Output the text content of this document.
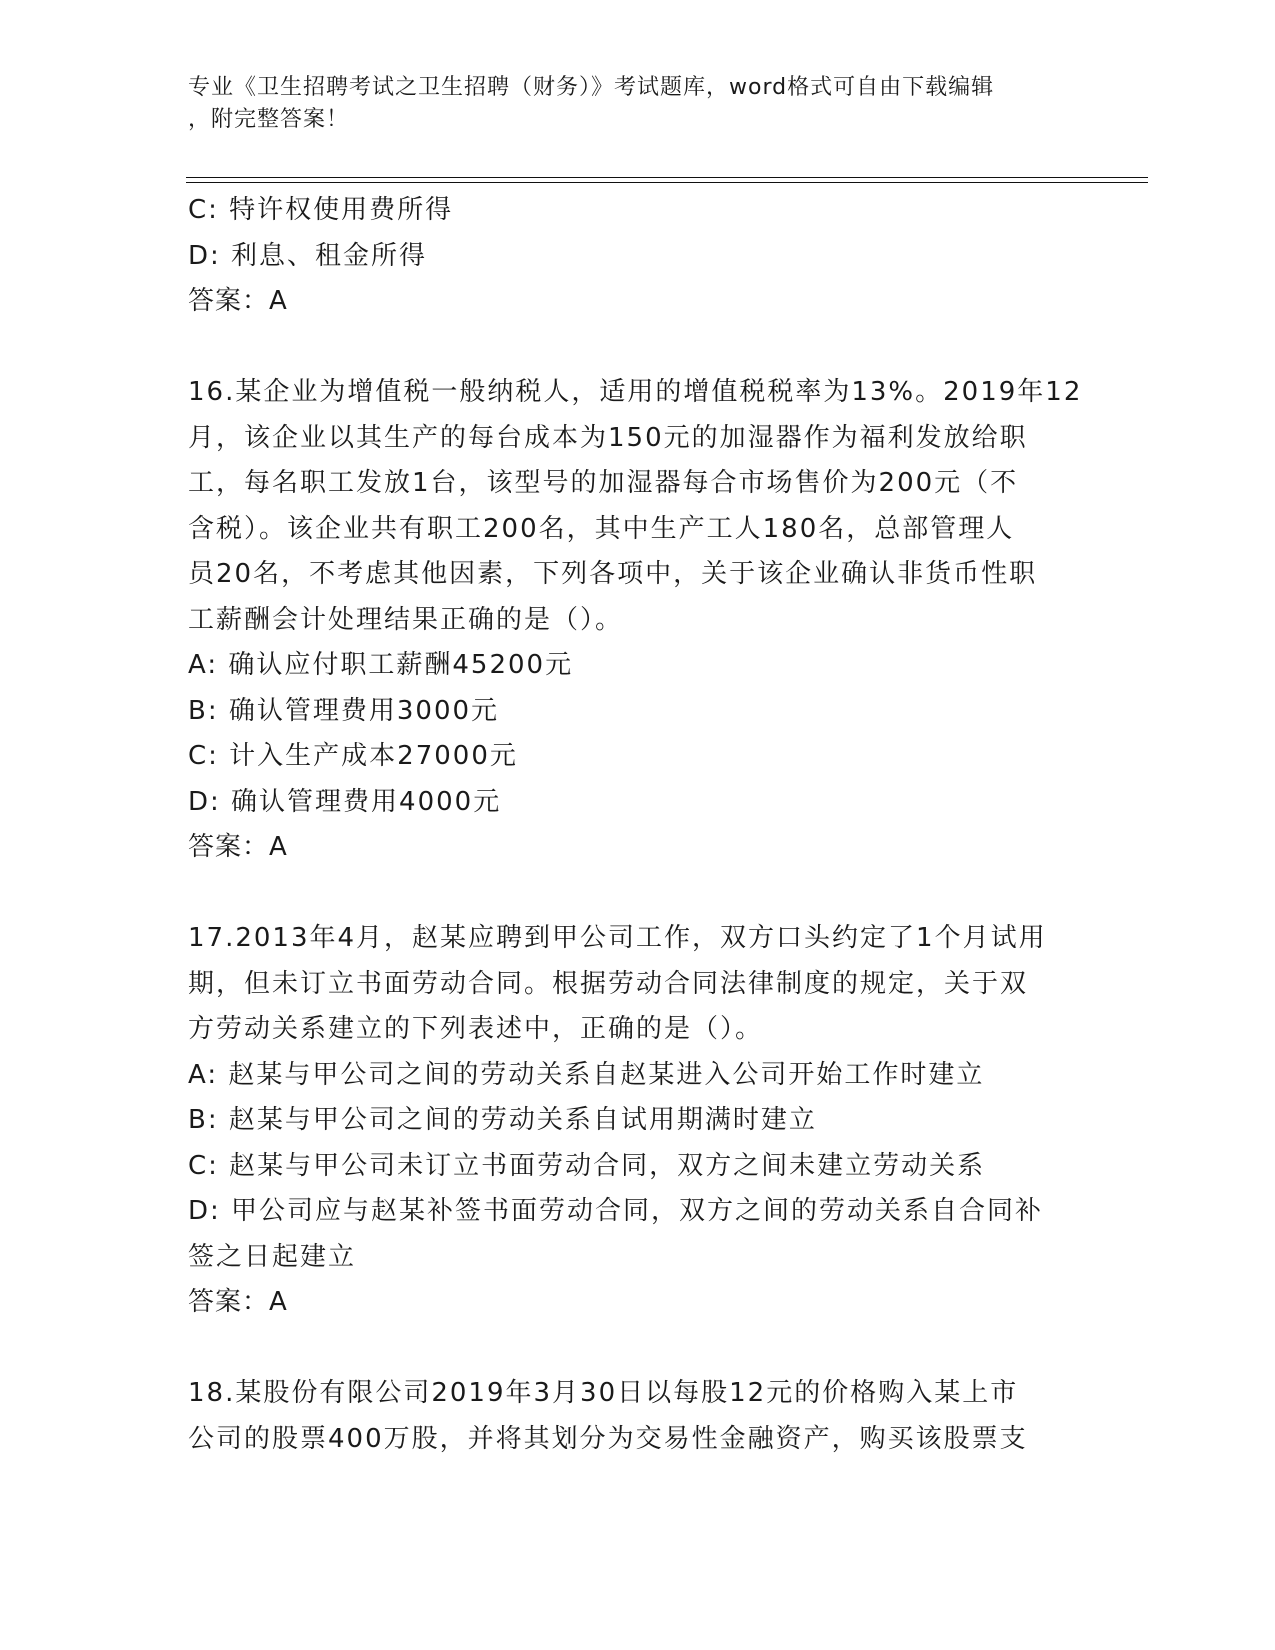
专业《卫生招聘考试之卫生招聘（财务）》考试题库，word格式可自由下载编辑
，附完整答案！
C: 特许权使用费所得
D: 利息、租金所得
答案：A
16.某企业为增值税一般纳税人，适用的增值税税率为13%。2019年12
月，该企业以其生产的每台成本为150元的加湿器作为福利发放给职
工，每名职工发放1台，该型号的加湿器每合市场售价为200元（不
含税）。该企业共有职工200名，其中生产工人180名，总部管理人
员20名，不考虑其他因素，下列各项中，关于该企业确认非货币性职
工薪酬会计处理结果正确的是（）。
A: 确认应付职工薪酬45200元
B: 确认管理费用3000元
C: 计入生产成本27000元
D: 确认管理费用4000元
答案：A
17.2013年4月，赵某应聘到甲公司工作，双方口头约定了1个月试用
期，但未订立书面劳动合同。根据劳动合同法律制度的规定，关于双
方劳动关系建立的下列表述中，正确的是（）。
A: 赵某与甲公司之间的劳动关系自赵某进入公司开始工作时建立
B: 赵某与甲公司之间的劳动关系自试用期满时建立
C: 赵某与甲公司未订立书面劳动合同，双方之间未建立劳动关系
D: 甲公司应与赵某补签书面劳动合同，双方之间的劳动关系自合同补
签之日起建立
答案：A
18.某股份有限公司2019年3月30日以每股12元的价格购入某上市
公司的股票400万股，并将其划分为交易性金融资产，购买该股票支
